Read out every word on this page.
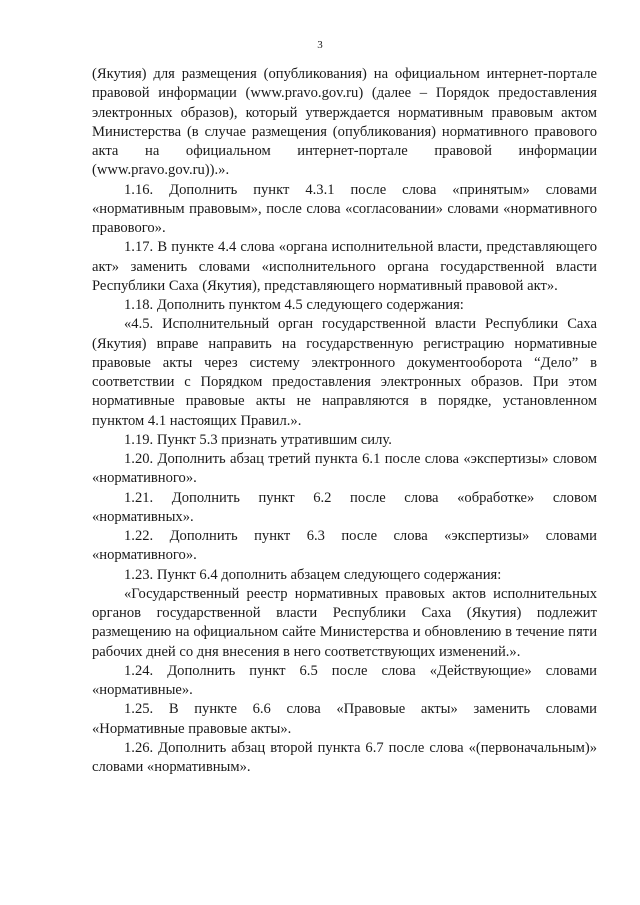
3

(Якутия) для размещения (опубликования) на официальном интернет-портале правовой информации (www.pravo.gov.ru) (далее – Порядок предоставления электронных образов), который утверждается нормативным правовым актом Министерства (в случае размещения (опубликования) нормативного правового акта на официальном интернет-портале правовой информации (www.pravo.gov.ru)).».

1.16. Дополнить пункт 4.3.1 после слова «принятым» словами «нормативным правовым», после слова «согласовании» словами «нормативного правового».

1.17. В пункте 4.4 слова «органа исполнительной власти, представляющего акт» заменить словами «исполнительного органа государственной власти Республики Саха (Якутия), представляющего нормативный правовой акт».

1.18. Дополнить пунктом 4.5 следующего содержания:

«4.5. Исполнительный орган государственной власти Республики Саха (Якутия) вправе направить на государственную регистрацию нормативные правовые акты через систему электронного документооборота “Дело” в соответствии с Порядком предоставления электронных образов. При этом нормативные правовые акты не направляются в порядке, установленном пунктом 4.1 настоящих Правил.».

1.19. Пункт 5.3 признать утратившим силу.

1.20. Дополнить абзац третий пункта 6.1 после слова «экспертизы» словом «нормативного».

1.21. Дополнить пункт 6.2 после слова «обработке» словом «нормативных».

1.22. Дополнить пункт 6.3 после слова «экспертизы» словами «нормативного».

1.23. Пункт 6.4 дополнить абзацем следующего содержания:

«Государственный реестр нормативных правовых актов исполнительных органов государственной власти Республики Саха (Якутия) подлежит размещению на официальном сайте Министерства и обновлению в течение пяти рабочих дней со дня внесения в него соответствующих изменений.».

1.24. Дополнить пункт 6.5 после слова «Действующие» словами «нормативные».

1.25. В пункте 6.6 слова «Правовые акты» заменить словами «Нормативные правовые акты».

1.26. Дополнить абзац второй пункта 6.7 после слова «(первоначальным)» словами «нормативным».
